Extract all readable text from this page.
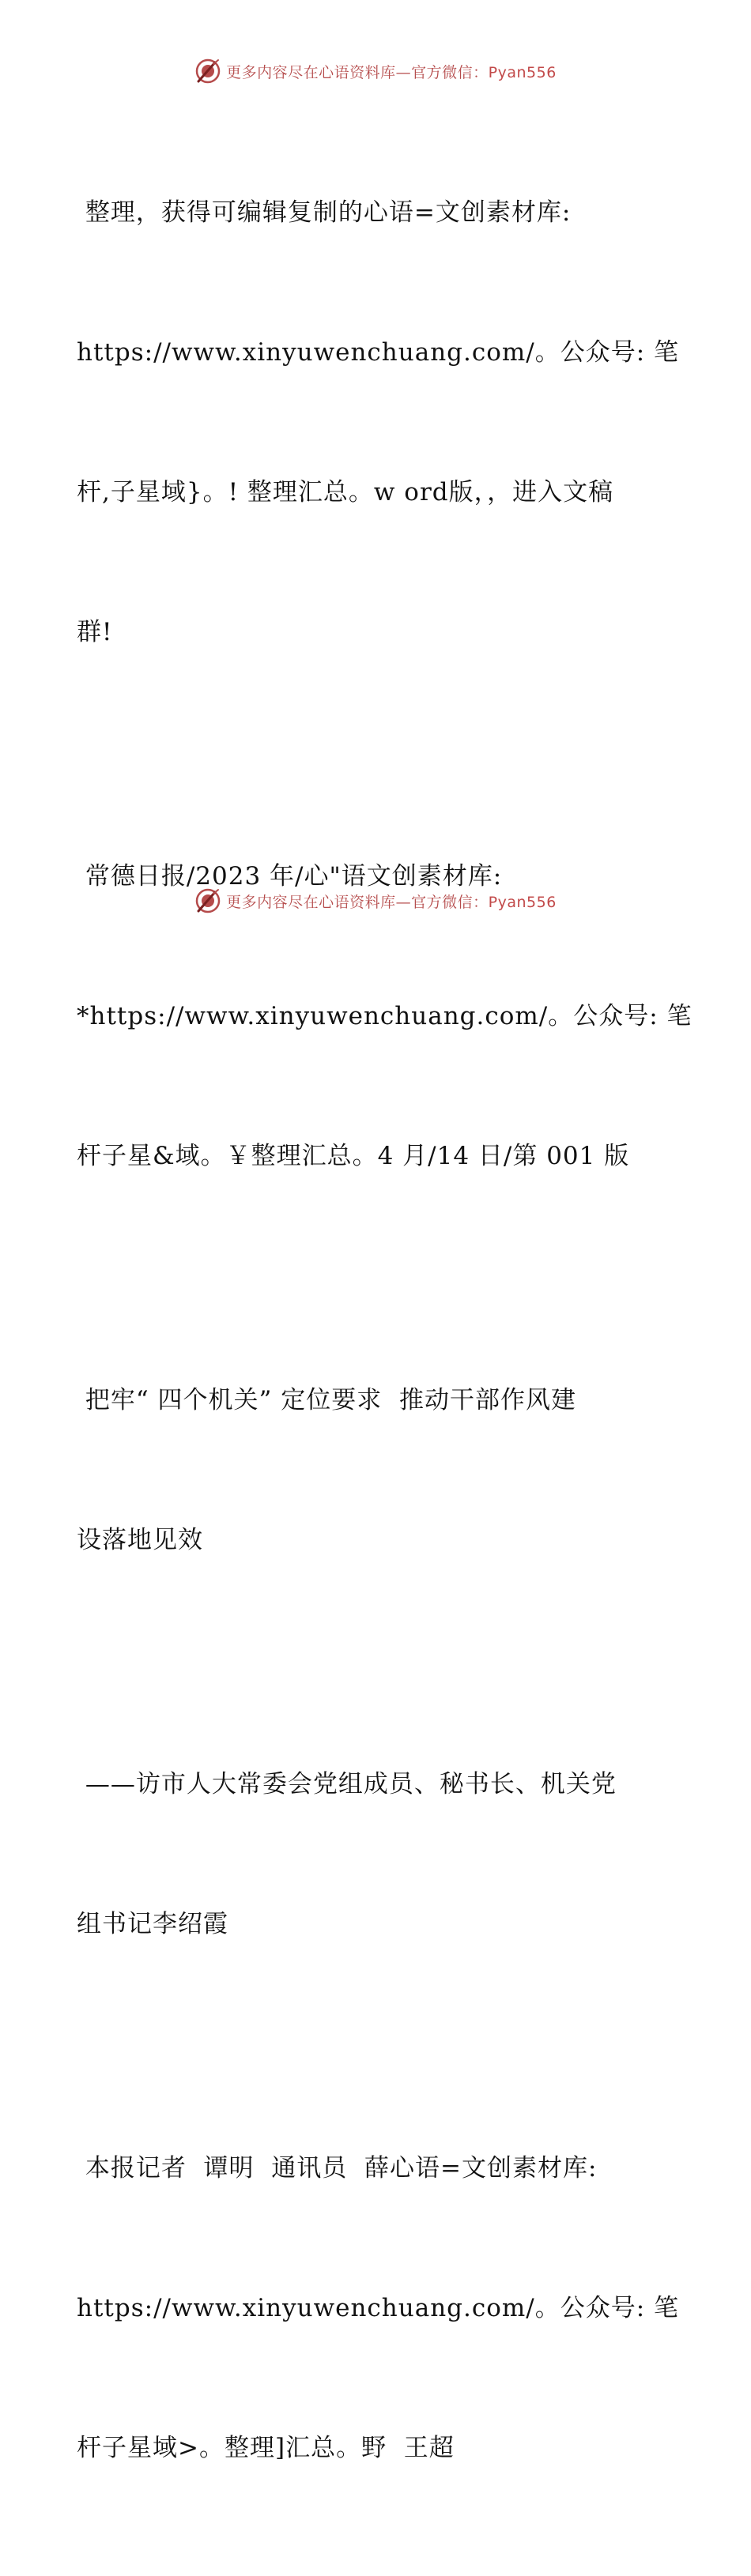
更多内容尽在心语资料库—官方微信：Pyan556

整理，获得可编辑复制的心语=文创素材库:

https://www.xinyuwenchuang.com/。公众号: 笔

杆,子星域}。! 整理汇总。w ord版，，进入文稿

群!

常德日报/2023 年/心"语文创素材库:

*https://www.xinyuwenchuang.com/。公众号: 笔

杆子星&域。￥整理汇总。4 月/14 日/第 001 版

把牢“ 四个机关” 定位要求  推动干部作风建

设落地见效

——访市人大常委会党组成员、秘书长、机关党

组书记李绍霞

本报记者  谭明  通讯员  薛心语=文创素材库:

https://www.xinyuwenchuang.com/。公众号: 笔

杆子星域>。整理]汇总。野  王超

更多内容尽在心语资料库—官方微信：Pyan556
